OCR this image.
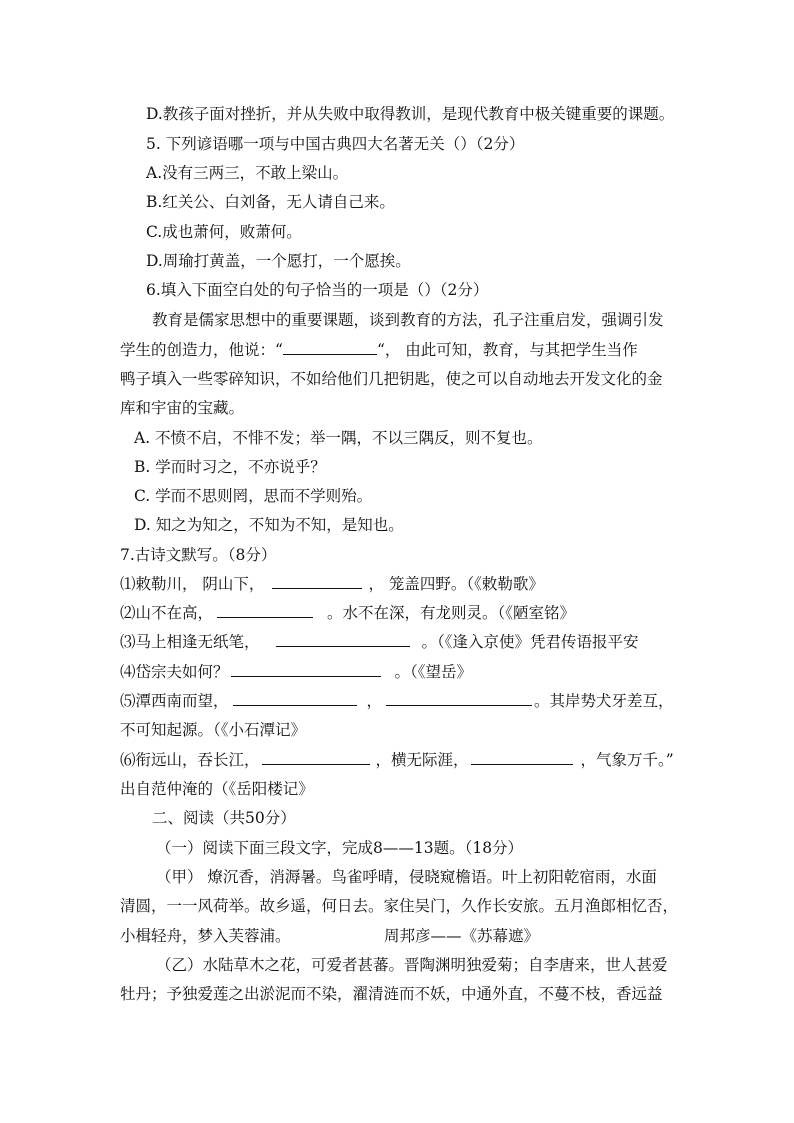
D.教孩子面对挫折，并从失败中取得教训，是现代教育中极关键重要的课题。
5. 下列谚语哪一项与中国古典四大名著无关（）（2分）
A.没有三两三，不敢上梁山。
B.红关公、白刘备，无人请自己来。
C.成也萧何，败萧何。
D.周瑜打黄盖，一个愿打，一个愿挨。
6.填入下面空白处的句子恰当的一项是（）（2分）
教育是儒家思想中的重要课题，谈到教育的方法，孔子注重启发，强调引发
学生的创造力，他说：“	“， 由此可知，教育，与其把学生当作
鸭子填入一些零碎知识，不如给他们几把钥匙，使之可以自动地去开发文化的金
库和宇宙的宝藏。
A. 不愤不启，不悱不发；举一隅，不以三隅反，则不复也。
B. 学而时习之，不亦说乎？
C. 学而不思则罔，思而不学则殆。
D. 知之为知之，不知为不知，是知也。
7.古诗文默写。（8分）
⑴敕勒川， 阴山下，	， 笼盖四野。（《敕勒歌》
⑵山不在高，	。水不在深，有龙则灵。（《陋室铭》
⑶马上相逢无纸笔，	。（《逢入京使》凭君传语报平安
⑷岱宗夫如何？	。（《望岳》
⑸潭西南而望，	，	。其岸势犬牙差互，
不可知起源。（《小石潭记》
⑹衔远山，吞长江，	，横无际涯，	，气象万千。”
出自范仲淹的（《岳阳楼记》
二、阅读（共50分）
（一）阅读下面三段文字，完成8——13题。（18分）
（甲） 燎沉香，消溽暑。鸟雀呼晴，侵晓窥檐语。叶上初阳乾宿雨，水面
清圆，一一风荷举。故乡遥，何日去。家住吴门，久作长安旅。五月渔郎相忆否，
小楫轻舟，梦入芙蓉浦。	周邦彦——《苏幕遮》
（乙）水陆草木之花，可爱者甚蕃。晋陶渊明独爱菊；自李唐来，世人甚爱
牡丹；予独爱莲之出淤泥而不染，濯清涟而不妖，中通外直，不蔓不枝，香远益
